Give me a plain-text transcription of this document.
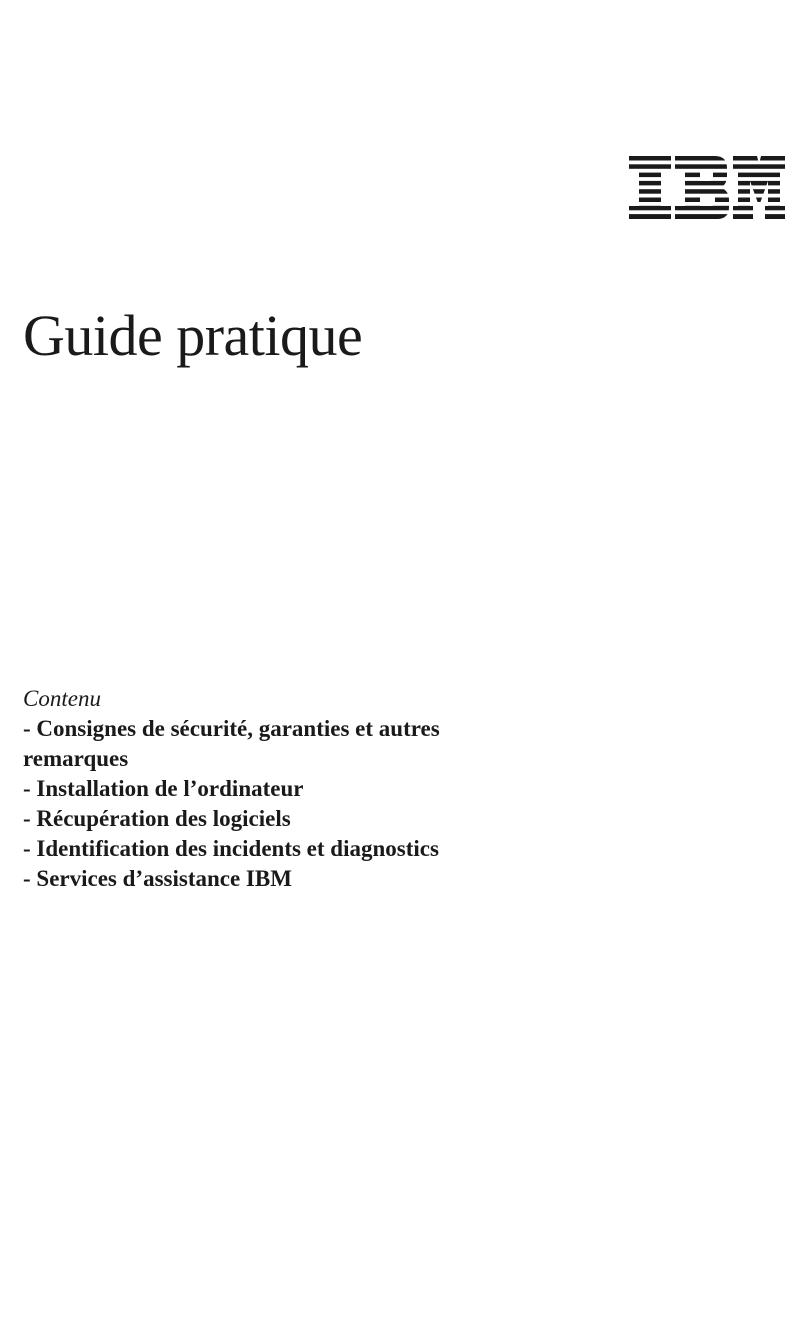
Guide pratique

Contenu

- Consignes de sécurité, garanties et autres remarques
- Installation de l’ordinateur
- Récupération des logiciels
- Identification des incidents et diagnostics
- Services d’assistance IBM
